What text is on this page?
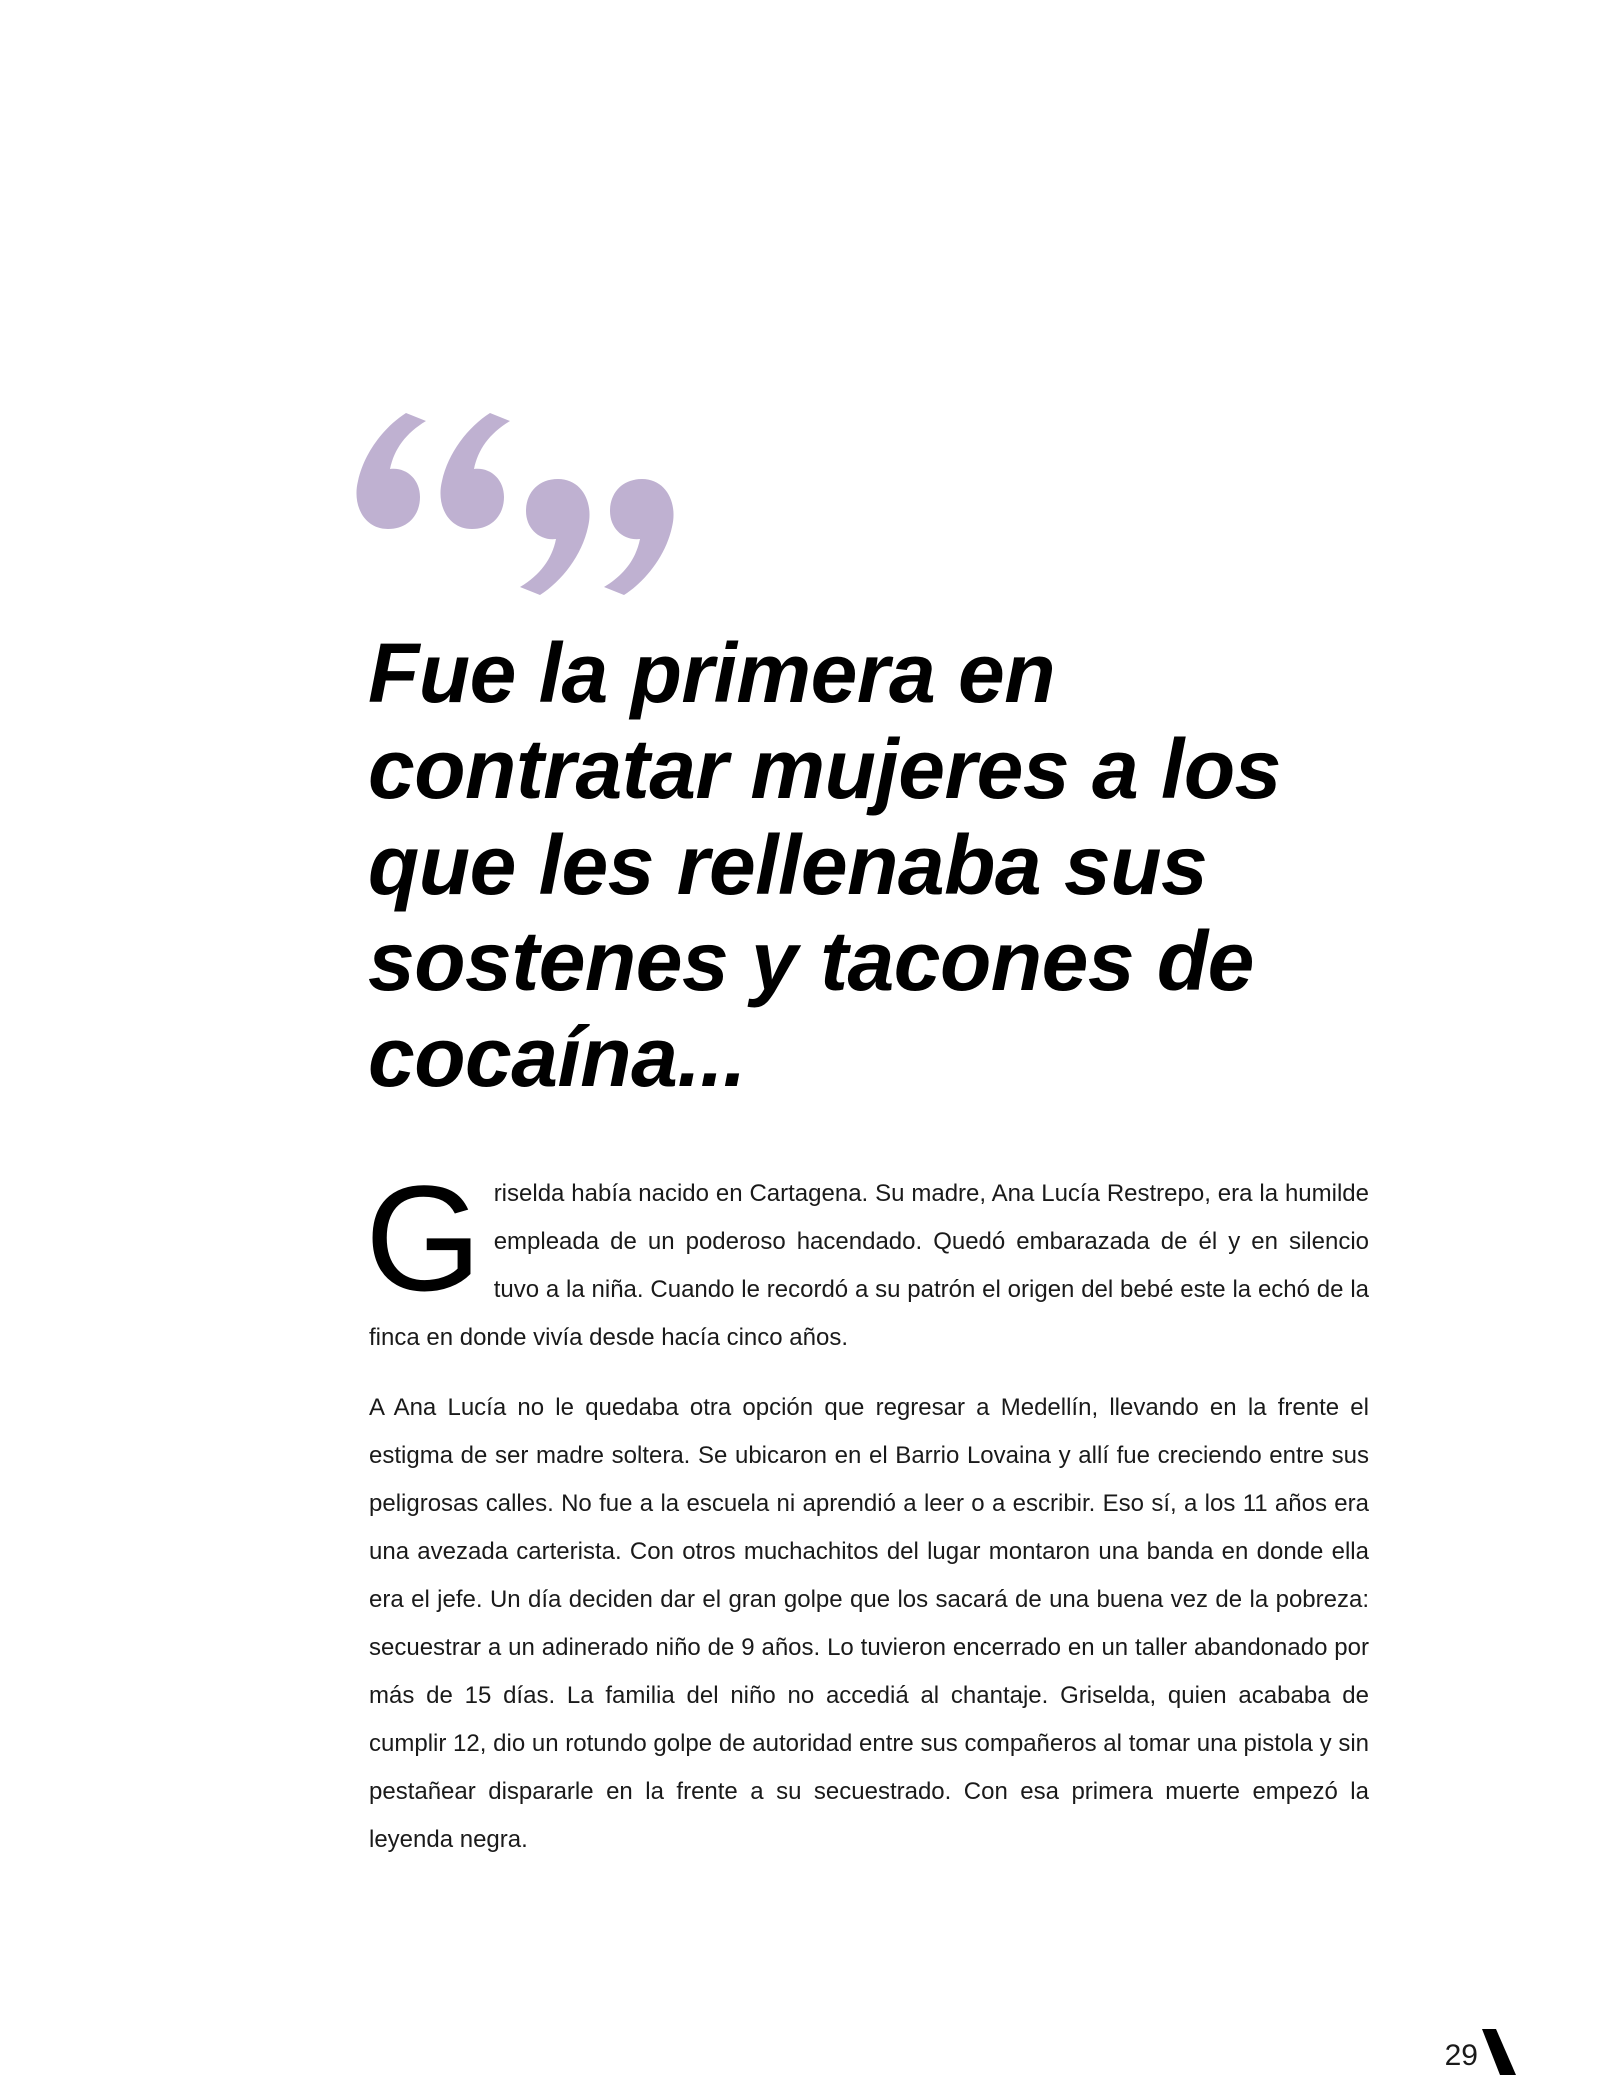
Fue la primera en
contratar mujeres a los
que les rellenaba sus
sostenes y tacones de
cocaína...

Griselda había nacido en Cartagena. Su madre, Ana Lucía Restrepo, era la humilde empleada de un poderoso hacendado. Quedó embarazada de él y en silencio tuvo a la niña. Cuando le recordó a su patrón el origen del bebé este la echó de la finca en donde vivía desde hacía cinco años.

A Ana Lucía no le quedaba otra opción que regresar a Medellín, llevando en la frente el estigma de ser madre soltera. Se ubicaron en el Barrio Lovaina y allí fue creciendo entre sus peligrosas calles. No fue a la escuela ni aprendió a leer o a escribir. Eso sí, a los 11 años era una avezada carterista. Con otros muchachitos del lugar montaron una banda en donde ella era el jefe. Un día deciden dar el gran golpe que los sacará de una buena vez de la pobreza: secuestrar a un adinerado niño de 9 años. Lo tuvieron encerrado en un taller abandonado por más de 15 días. La familia del niño no accediá al chantaje. Griselda, quien acababa de cumplir 12, dio un rotundo golpe de autoridad entre sus compañeros al tomar una pistola y sin pestañear dispararle en la frente a su secuestrado. Con esa primera muerte empezó la leyenda negra.

29
